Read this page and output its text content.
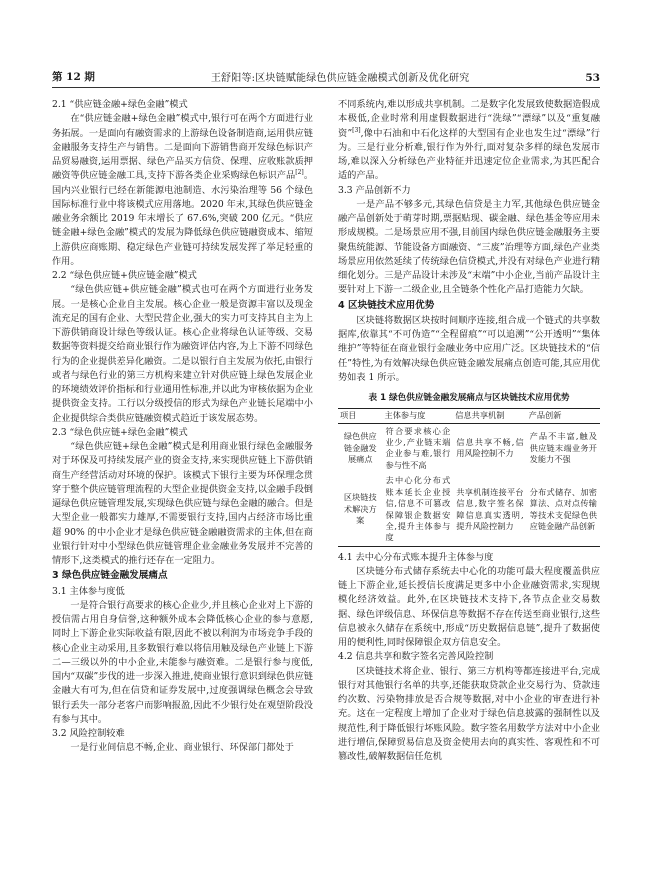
第 12 期	王舒阳等:区块链赋能绿色供应链金融模式创新及优化研究	53

2.1 “供应链金融+绿色金融”模式

在“供应链金融+绿色金融”模式中,银行可在两个方面进行业务拓展。一是面向有融资需求的上游绿色设备制造商,运用供应链金融服务支持生产与销售。二是面向下游销售商开发绿色标识产品贸易融资,运用票据、绿色产品买方信贷、保理、应收账款质押融资等供应链金融工具,支持下游各类企业采购绿色标识产品[2]。国内兴业银行已经在新能源电池制造、水污染治理等 56 个绿色国际标准行业中将该模式应用落地。2020 年末,其绿色供应链金融业务余额比 2019 年末增长了 67.6%,突破 200 亿元。“供应链金融+绿色金融”模式的发展为降低绿色供应链融资成本、缩短上游供应商账期、稳定绿色产业链可持续发展发挥了举足轻重的作用。

2.2 “绿色供应链+供应链金融”模式

“绿色供应链+供应链金融”模式也可在两个方面进行业务发展。一是核心企业自主发展。核心企业一般是资源丰富以及现金流充足的国有企业、大型民营企业,强大的实力可支持其自主为上下游供销商设计绿色等级认证。核心企业将绿色认证等级、交易数据等资料提交给商业银行作为融资评估内容,为上下游不同绿色行为的企业提供差异化融资。二是以银行自主发展为依托,由银行或者与绿色行业的第三方机构来建立针对供应链上绿色发展企业的环境绩效评价指标和行业通用性标准,并以此为审核依据为企业提供资金支持。工行以分级授信的形式为绿色产业链长尾端中小企业提供综合类供应链融资模式趋近于该发展态势。

2.3 “绿色供应链+绿色金融”模式

“绿色供应链+绿色金融”模式是利用商业银行绿色金融服务对于环保及可持续发展产业的资金支持,来实现供应链上下游供销商生产经营活动对环境的保护。该模式下银行主要为环保理念贯穿于整个供应链管理流程的大型企业提供资金支持,以金融手段倒逼绿色供应链管理发展,实现绿色供应链与绿色金融的融合。但是大型企业一般都实力雄厚,不需要银行支持,国内占经济市场比重超 90% 的中小企业才是绿色供应链金融融资需求的主体,但在商业银行针对中小型绿色供应链管理企业金融业务发展并不完善的情形下,这类模式的推行还存在一定阻力。

3 绿色供应链金融发展痛点

3.1 主体参与度低

一是符合银行高要求的核心企业少,并且核心企业对上下游的授信需占用自身信誉,这种额外成本会降低核心企业的参与意愿,同时上下游企业实际收益有限,因此不被以利润为市场竞争手段的核心企业主动采用,且多数银行难以将信用触及绿色产业链上下游二—三级以外的中小企业,未能参与融资难。二是银行参与度低,国内“双碳”步伐的进一步深入推进,使商业银行意识到绿色供应链金融大有可为,但在信贷和证券发展中,过度强调绿色概念会导致银行丢失一部分老客户而影响报盈,因此不少银行处在观望阶段没有参与其中。

3.2 风险控制较难

一是行业间信息不畅,企业、商业银行、环保部门都处于

不同系统内,难以形成共享机制。二是数字化发展致使数据造假成本极低,企业时常利用虚假数据进行“洗绿”“漂绿”以及“重复融资”[3],像中石油和中石化这样的大型国有企业也发生过“漂绿”行为。三是行业分析难,银行作为外行,面对复杂多样的绿色发展市场,难以深入分析绿色产业特征并迅速定位企业需求,为其匹配合适的产品。

3.3 产品创新不力

一是产品不够多元,其绿色信贷是主力军,其他绿色供应链金融产品创新处于萌芽时期,票据贴现、碳金融、绿色基金等应用未形成规模。二是场景应用不强,目前国内绿色供应链金融服务主要聚焦统能源、节能设备方面融资、“三废”治理等方面,绿色产业类场景应用依然延续了传统绿色信贷模式,并没有对绿色产业进行精细化划分。三是产品设计未涉及“末端”中小企业,当前产品设计主要针对上下游一二级企业,且全链条个性化产品打造能力欠缺。

4 区块链技术应用优势

区块链将数据区块按时间顺序连接,组合成一个链式的共享数据库,依靠其“不可伪造”“全程留痕”“可以追溯”“公开透明”“集体维护”等特征在商业银行金融业务中应用广泛。区块链技术的“信任”特性,为有效解决绿色供应链金融发展痛点创造可能,其应用优势如表 1 所示。

表 1 绿色供应链金融发展痛点与区块链技术应用优势
项目	主体参与度	信息共享机制	产品创新
绿色供应链金融发展痛点	符合要求核心企业少,产业链末端企业参与难,银行参与性不高	信息共享不畅,信用风险控制不力	产品不丰富,触及供应链末端业务开发能力不强
区块链技术解决方案	去中心化分布式账本延长企业授信,信息不可篡改保障银企数据安全,提升主体参与度	共享机制连接平台信息,数字签名保障信息真实透明,提升风险控制力	分布式储存、加密算法、点对点传输等技术支促绿色供应链金融产品创新

4.1 去中心分布式账本提升主体参与度

区块链分布式储存系统去中心化的功能可最大程度覆盖供应链上下游企业,延长授信长度满足更多中小企业融资需求,实现规模化经济效益。此外,在区块链技术支持下,各节点企业交易数据、绿色评级信息、环保信息等数据不存在传送至商业银行,这些信息被永久储存在系统中,形成“历史数据信息链”,提升了数据使用的便利性,同时保障银企双方信息安全。

4.2 信息共享和数字签名完善风险控制

区块链技术将企业、银行、第三方机构等都连接进平台,完成银行对其他银行名单的共享,还能获取贷款企业交易行为、贷款违约次数、污染物排放是否合规等数据,对中小企业的审查进行补充。这在一定程度上增加了企业对于绿色信息披露的强制性以及规范性,利于降低银行坏账风险。数字签名用数学方法对中小企业进行增信,保障贸易信息及资金使用去向的真实性、客观性和不可篡改性,破解数据信任危机
